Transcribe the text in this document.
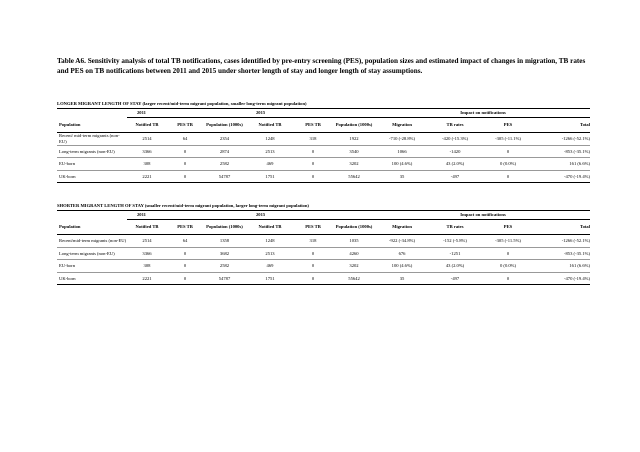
Table A6. Sensitivity analysis of total TB notifications, cases identified by pre-entry screening (PES), population sizes and estimated impact of changes in migration, TB rates and PES on TB notifications between 2011 and 2015 under shorter length of stay and longer length of stay assumptions.
LONGER MIGRANT LENGTH OF STAY (larger recent/mid-term migrant population, smaller long-term migrant population)
	2011			2015			Impact on notifications			
Population	Notified TB	PES TB	Population (1000s)	Notified TB	PES TB	Population (1000s)	Migration	TB rates	PES	Total
Recent/ mid-term migrants (non-EU)	2514	64	2354	1248	318	1922	-710 (-28.8%)	-420 (-15.3%)	-305 (-11.1%)	-1266 (-52.1%)
Long-term migrants (non-EU)	3366	0	2874	2513	0	3540	1066	-1420	0	-853 (-35.1%)
EU-born	308	0	2582	469	0	3202	100 (4.6%)	43 (2.0%)	0 (0.0%)	161 (6.6%)
UK-born	2221	0	54787	1751	0	55642	35	-497	0	-470 (-19.4%)
SHORTER MIGRANT LENGTH OF STAY (smaller recent/mid-term migrant population, larger long-term migrant population)
	2011			2015			Impact on notifications			
Population	Notified TB	PES TB	Population (1000s)	Notified TB	PES TB	Population (1000s)	Migration	TB rates	PES	Total
Recent/mid-term migrants (non-EU)	2514	64	1358	1248	318	1035	-922 (-34.8%)	-152 (-5.8%)	-305 (-11.5%)	-1266 (-52.1%)
Long-term migrants (non-EU)	3366	0	3682	2513	0	4260	676	-1251	0	-853 (-35.1%)
EU-born	308	0	2582	469	0	3202	100 (4.6%)	43 (2.0%)	0 (0.0%)	161 (6.6%)
UK-born	2221	0	54787	1751	0	55642	35	-497	0	-470 (-19.4%)
